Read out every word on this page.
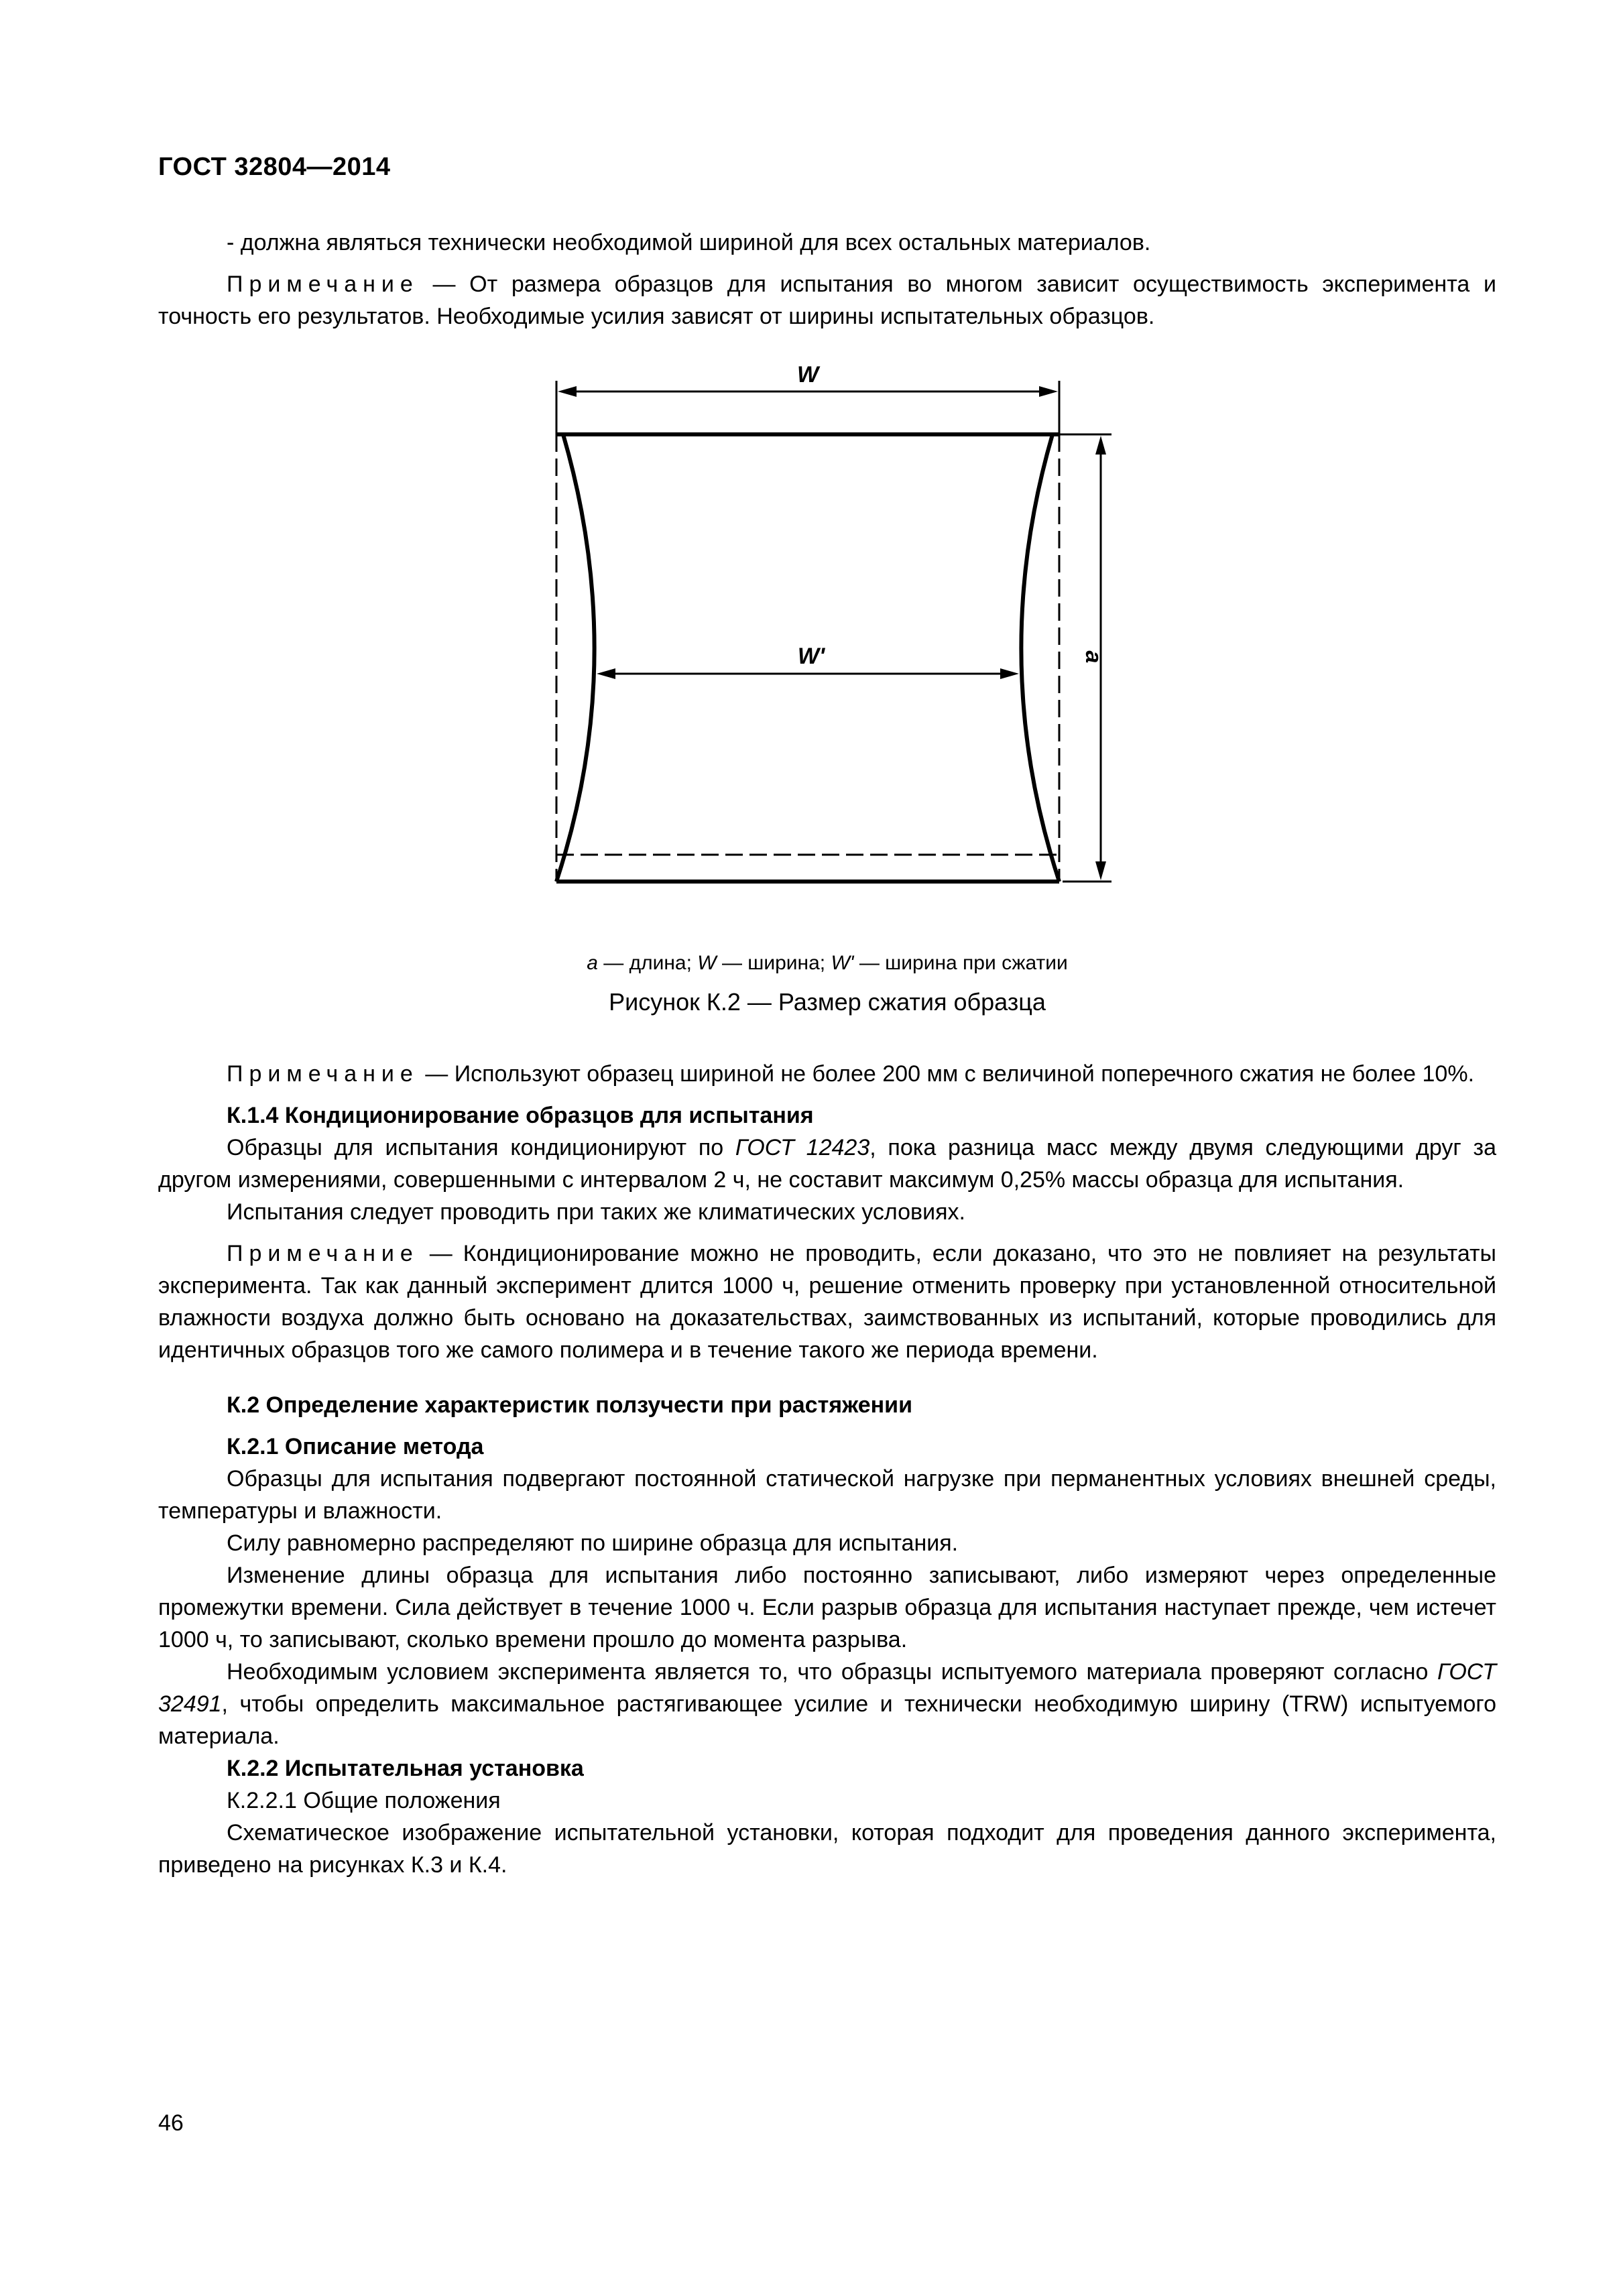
ГОСТ 32804—2014

- должна являться технически необходимой шириной для всех остальных материалов.

Примечание — От размера образцов для испытания во многом зависит осуществимость эксперимента и точность его результатов. Необходимые усилия зависят от ширины испытательных образцов.

W
W'	a
a — длина; W — ширина; W' — ширина при сжатии
Рисунок К.2 — Размер сжатия образца

Примечание — Используют образец шириной не более 200 мм с величиной поперечного сжатия не более 10%.

К.1.4 Кондиционирование образцов для испытания

Образцы для испытания кондиционируют по ГОСТ 12423, пока разница масс между двумя следующими друг за другом измерениями, совершенными с интервалом 2 ч, не составит максимум 0,25% массы образца для испытания.

Испытания следует проводить при таких же климатических условиях.

Примечание — Кондиционирование можно не проводить, если доказано, что это не повлияет на результаты эксперимента. Так как данный эксперимент длится 1000 ч, решение отменить проверку при установленной относительной влажности воздуха должно быть основано на доказательствах, заимствованных из испытаний, которые проводились для идентичных образцов того же самого полимера и в течение такого же периода времени.

К.2 Определение характеристик ползучести при растяжении

К.2.1 Описание метода

Образцы для испытания подвергают постоянной статической нагрузке при перманентных условиях внешней среды, температуры и влажности.

Силу равномерно распределяют по ширине образца для испытания.

Изменение длины образца для испытания либо постоянно записывают, либо измеряют через определенные промежутки времени. Сила действует в течение 1000 ч. Если разрыв образца для испытания наступает прежде, чем истечет 1000 ч, то записывают, сколько времени прошло до момента разрыва.

Необходимым условием эксперимента является то, что образцы испытуемого материала проверяют согласно ГОСТ 32491, чтобы определить максимальное растягивающее усилие и технически необходимую ширину (TRW) испытуемого материала.

К.2.2 Испытательная установка

К.2.2.1 Общие положения

Схематическое изображение испытательной установки, которая подходит для проведения данного эксперимента, приведено на рисунках К.3 и К.4.

46
